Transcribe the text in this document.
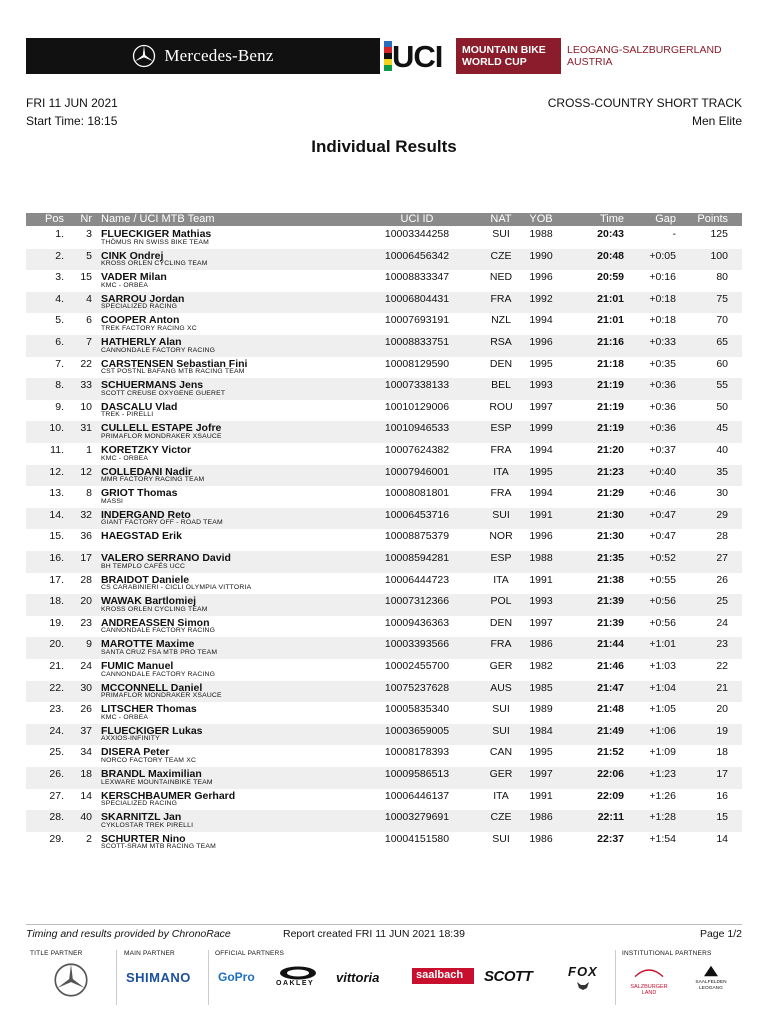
Mercedes-Benz	UCI MOUNTAIN BIKE
WORLD CUP
LEOGANG-SALZBURGERLAND
AUSTRIA
FRI 11 JUN 2021
Start Time: 18:15
CROSS-COUNTRY SHORT TRACK
Men Elite
Individual Results
Pos	Nr Name / UCI MTB Team	UCI ID	NAT	YOB	Time	Gap	Points
1.	3 FLUECKIGER Mathias
THÖMUS RN SWISS BIKE TEAM
10003344258	SUI	1988	20:43	-	125
2.	5 CINK Ondrej
KROSS ORLEN CYCLING TEAM
10006456342	CZE	1990	20:48	+0:05	100
3.	15 VADER Milan
KMC - ORBEA
10008833347	NED	1996	20:59	+0:16	80
4.	4 SARROU Jordan
SPECIALIZED RACING
10006804431	FRA	1992	21:01	+0:18	75
5.	6 COOPER Anton
TREK FACTORY RACING XC
10007693191	NZL	1994	21:01	+0:18	70
6.	7 HATHERLY Alan
CANNONDALE FACTORY RACING
10008833751	RSA	1996	21:16	+0:33	65
7.	22 CARSTENSEN Sebastian Fini
CST POSTNL BAFANG MTB RACING TEAM
10008129590	DEN	1995	21:18	+0:35	60
8.	33 SCHUERMANS Jens
SCOTT CREUSE OXYGENE GUERET
10007338133	BEL	1993	21:19	+0:36	55
9.	10 DASCALU Vlad
TREK - PIRELLI
10010129006	ROU	1997	21:19	+0:36	50
10.	31 CULLELL ESTAPE Jofre
PRIMAFLOR MONDRAKER XSAUCE
10010946533	ESP	1999	21:19	+0:36	45
11.	1 KORETZKY Victor
KMC - ORBEA
10007624382	FRA	1994	21:20	+0:37	40
12.	12 COLLEDANI Nadir
MMR FACTORY RACING TEAM
10007946001	ITA	1995	21:23	+0:40	35
13.	8 GRIOT Thomas
MASSI
10008081801	FRA	1994	21:29	+0:46	30
14.	32 INDERGAND Reto
GIANT FACTORY OFF - ROAD TEAM
10006453716	SUI	1991	21:30	+0:47	29
15.	36 HAEGSTAD Erik	10008875379	NOR	1996	21:30	+0:47	28
16.	17 VALERO SERRANO David
BH TEMPLO CAFÉS UCC
10008594281	ESP	1988	21:35	+0:52	27
17.	28 BRAIDOT Daniele
CS CARABINIERI - CICLI OLYMPIA VITTORIA
10006444723	ITA	1991	21:38	+0:55	26
18.	20 WAWAK Bartlomiej
KROSS ORLEN CYCLING TEAM
10007312366	POL	1993	21:39	+0:56	25
19.	23 ANDREASSEN Simon
CANNONDALE FACTORY RACING
10009436363	DEN	1997	21:39	+0:56	24
20.	9 MAROTTE Maxime
SANTA CRUZ FSA MTB PRO TEAM
10003393566	FRA	1986	21:44	+1:01	23
21.	24 FUMIC Manuel
CANNONDALE FACTORY RACING
10002455700	GER	1982	21:46	+1:03	22
22.	30 MCCONNELL Daniel
PRIMAFLOR MONDRAKER XSAUCE
10075237628	AUS	1985	21:47	+1:04	21
23.	26 LITSCHER Thomas
KMC - ORBEA
10005835340	SUI	1989	21:48	+1:05	20
24.	37 FLUECKIGER Lukas
AXXIOS-INFINITY
10003659005	SUI	1984	21:49	+1:06	19
25.	34 DISERA Peter
NORCO FACTORY TEAM XC
10008178393	CAN	1995	21:52	+1:09	18
26.	18 BRANDL Maximilian
LEXWARE MOUNTAINBIKE TEAM
10009586513	GER	1997	22:06	+1:23	17
27.	14 KERSCHBAUMER Gerhard
SPECIALIZED RACING
10006446137	ITA	1991	22:09	+1:26	16
28.	40 SKARNITZL Jan
CYKLOSTAR TREK PIRELLI
10003279691	CZE	1986	22:11	+1:28	15
29.	2 SCHURTER Nino
SCOTT-SRAM MTB RACING TEAM
10004151580	SUI	1986	22:37	+1:54	14
Timing and results provided by ChronoRace	Report created FRI 11 JUN 2021 18:39	Page 1/2
TITLE PARTNER	MAIN PARTNER	OFFICIAL PARTNERS	INSTITUTIONAL PARTNERS
SHIMANO GoPro	OAKLEY vittoria	saalbach SCOTT	FOX
SALZBURGER LAND
SAALFELDEN LEOGANG
